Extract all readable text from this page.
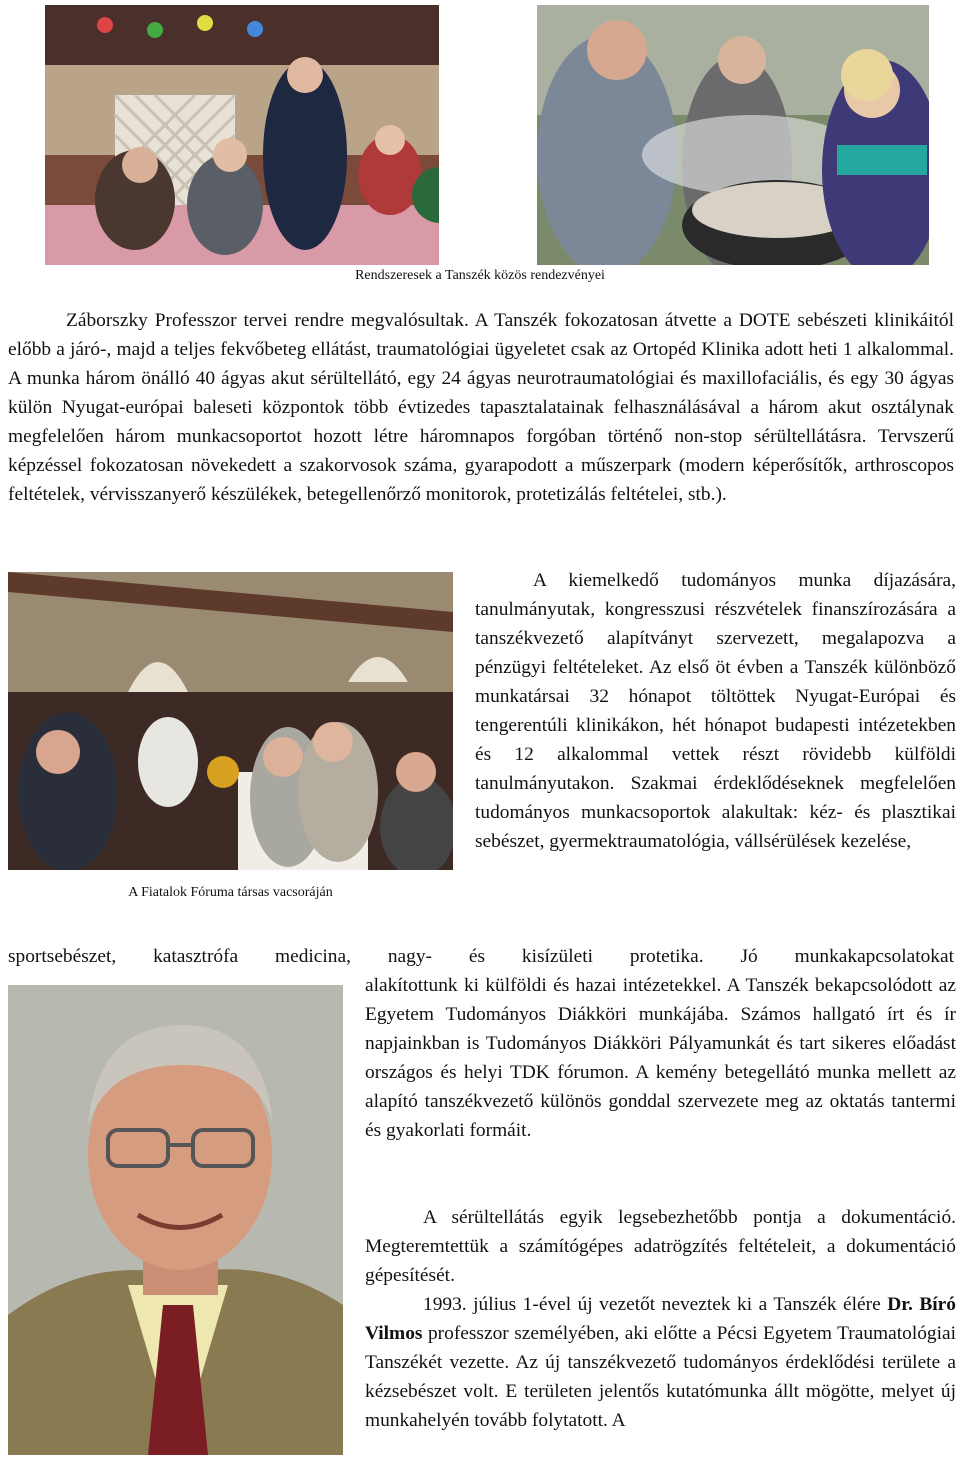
Rendszeresek a Tanszék közös rendezvényei

Záborszky Professzor tervei rendre megvalósultak. A Tanszék fokozatosan átvette a DOTE sebészeti klinikáitól előbb a járó-, majd a teljes fekvőbeteg ellátást, traumatológiai ügyeletet csak az Ortopéd Klinika adott heti 1 alkalommal. A munka három önálló 40 ágyas akut sérültellátó, egy 24 ágyas neurotraumatológiai és maxillofaciális, és egy 30 ágyas külön Nyugat-európai baleseti központok több évtizedes tapasztalatainak felhasználásával a három akut osztálynak megfelelően három munkacsoportot hozott létre háromnapos forgóban történő non-stop sérültellátásra. Tervszerű képzéssel fokozatosan növekedett a szakorvosok száma, gyarapodott a műszerpark (modern képerősítők, arthroscopos feltételek, vérvisszanyerő készülékek, betegellenőrző monitorok, protetizálás feltételei, stb.).

A Fiatalok Fóruma társas vacsoráján

A kiemelkedő tudományos munka díjazására, tanulmányutak, kongresszusi részvételek finanszírozására a tanszékvezető alapítványt szervezett, megalapozva a pénzügyi feltételeket. Az első öt évben a Tanszék különböző munkatársai 32 hónapot töltöttek Nyugat-Európai és tengerentúli klinikákon, hét hónapot budapesti intézetekben és 12 alkalommal vettek részt rövidebb külföldi tanulmányutakon. Szakmai érdeklődéseknek megfelelően tudományos munkacsoportok alakultak: kéz- és plasztikai sebészet, gyermektraumatológia, vállsérülések kezelése,

sportsebészet, katasztrófa medicina, nagy- és kisízületi protetika. Jó munkakapcsolatokat

alakítottunk ki külföldi és hazai intézetekkel. A Tanszék bekapcsolódott az Egyetem Tudományos Diákköri munkájába. Számos hallgató írt és ír napjainkban is Tudományos Diákköri Pályamunkát és tart sikeres előadást országos és helyi TDK fórumon. A kemény betegellátó munka mellett az alapító tanszékvezető különös gonddal szervezete meg az oktatás tantermi és gyakorlati formáit.

A sérültellátás egyik legsebezhetőbb pontja a dokumentáció. Megteremtettük a számítógépes adatrögzítés feltételeit, a dokumentáció gépesítését.

1993. július 1-ével új vezetőt neveztek ki a Tanszék élére Dr. Bíró Vilmos professzor személyében, aki előtte a Pécsi Egyetem Traumatológiai Tanszékét vezette. Az új tanszékvezető tudományos érdeklődési területe a kézsebészet volt. E területen jelentős kutatómunka állt mögötte, melyet új munkahelyén tovább folytatott. A
